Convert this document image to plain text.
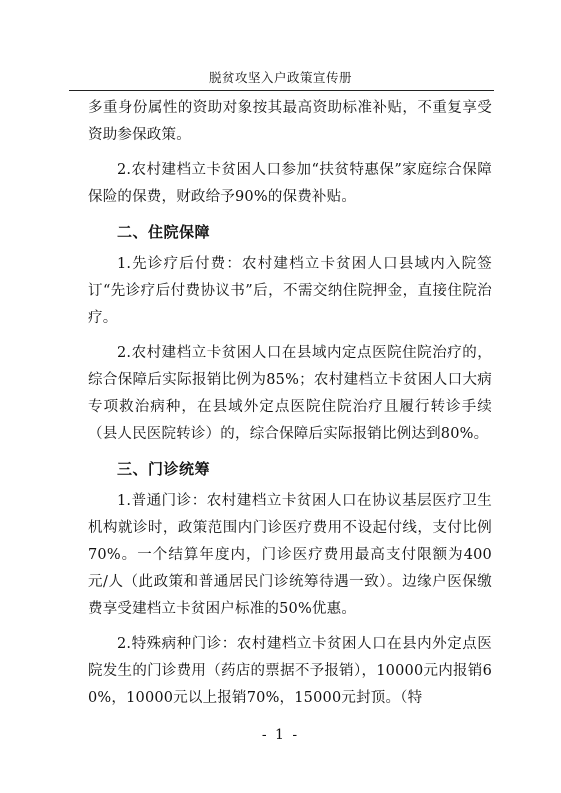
脱贫攻坚入户政策宣传册

多重身份属性的资助对象按其最高资助标准补贴，不重复享受资助参保政策。

2.农村建档立卡贫困人口参加“扶贫特惠保”家庭综合保障保险的保费，财政给予90%的保费补贴。

二、住院保障

1.先诊疗后付费：农村建档立卡贫困人口县域内入院签订“先诊疗后付费协议书”后，不需交纳住院押金，直接住院治疗。

2.农村建档立卡贫困人口在县域内定点医院住院治疗的，综合保障后实际报销比例为85%；农村建档立卡贫困人口大病专项救治病种，在县域外定点医院住院治疗且履行转诊手续（县人民医院转诊）的，综合保障后实际报销比例达到80%。

三、门诊统筹

1.普通门诊：农村建档立卡贫困人口在协议基层医疗卫生机构就诊时，政策范围内门诊医疗费用不设起付线，支付比例70%。一个结算年度内，门诊医疗费用最高支付限额为400元/人（此政策和普通居民门诊统筹待遇一致）。边缘户医保缴费享受建档立卡贫困户标准的50%优惠。

2.特殊病种门诊：农村建档立卡贫困人口在县内外定点医院发生的门诊费用（药店的票据不予报销），10000元内报销60%，10000元以上报销70%，15000元封顶。（特

- 1 -
